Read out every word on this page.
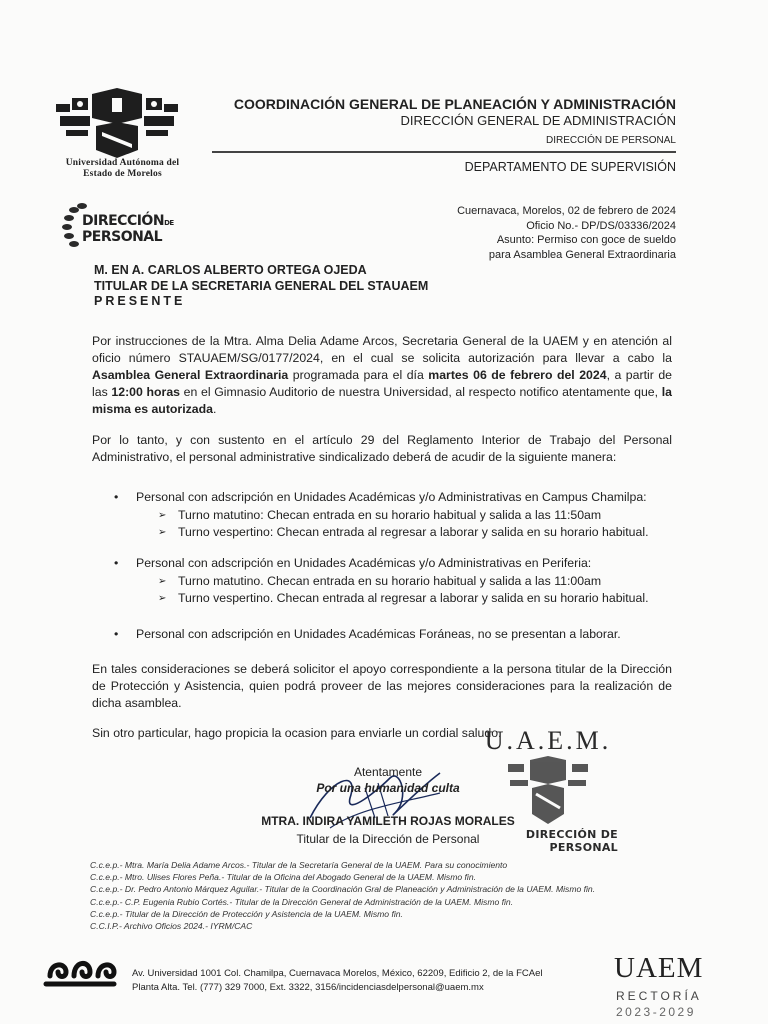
Universidad Autónoma del
Estado de Morelos
COORDINACIÓN GENERAL DE PLANEACIÓN Y ADMINISTRACIÓN
DIRECCIÓN GENERAL DE ADMINISTRACIÓN
DIRECCIÓN DE PERSONAL
DEPARTAMENTO DE SUPERVISIÓN
DIRECCIÓNDE
PERSONAL
Cuernavaca, Morelos, 02 de febrero de 2024
Oficio No.- DP/DS/03336/2024
Asunto: Permiso con goce de sueldo
para Asamblea General Extraordinaria
M. EN A. CARLOS ALBERTO ORTEGA OJEDA
TITULAR DE LA SECRETARIA GENERAL DEL STAUAEM
PRESENTE
Por instrucciones de la Mtra. Alma Delia Adame Arcos, Secretaria General de la UAEM y en atención al oficio número STAUAEM/SG/0177/2024, en el cual se solicita autorización para llevar a cabo la Asamblea General Extraordinaria programada para el día martes 06 de febrero del 2024, a partir de las 12:00 horas en el Gimnasio Auditorio de nuestra Universidad, al respecto notifico atentamente que, la misma es autorizada.
Por lo tanto, y con sustento en el artículo 29 del Reglamento Interior de Trabajo del Personal Administrativo, el personal administrative sindicalizado deberá de acudir de la siguiente manera:
•	Personal con adscripción en Unidades Académicas y/o Administrativas en Campus Chamilpa:
➢ Turno matutino: Checan entrada en su horario habitual y salida a las 11:50am
➢ Turno vespertino: Checan entrada al regresar a laborar y salida en su horario habitual.
•	Personal con adscripción en Unidades Académicas y/o Administrativas en Periferia:
➢ Turno matutino. Checan entrada en su horario habitual y salida a las 11:00am
➢ Turno vespertino. Checan entrada al regresar a laborar y salida en su horario habitual.
•	Personal con adscripción en Unidades Académicas Foráneas, no se presentan a laborar.
En tales consideraciones se deberá solicitor el apoyo correspondiente a la persona titular de la Dirección de Protección y Asistencia, quien podrá proveer de las mejores consideraciones para la realización de dicha asamblea.
Sin otro particular, hago propicia la ocasion para enviarle un cordial saludo.
U.A.E.M.
DIRECCIÓN DE PERSONAL
Atentamente
Por una humanidad culta
MTRA. INDIRA YAMILETH ROJAS MORALES
Titular de la Dirección de Personal
C.c.e.p.- Mtra. María Delia Adame Arcos.- Titular de la Secretaría General de la UAEM. Para su conocimiento
C.c.e.p.- Mtro. Ulises Flores Peña.- Titular de la Oficina del Abogado General de la UAEM. Mismo fin.
C.c.e.p.- Dr. Pedro Antonio Márquez Aguilar.- Titular de la Coordinación Gral de Planeación y Administración de la UAEM. Mismo fin.
C.c.e.p.- C.P. Eugenia Rubio Cortés.- Titular de la Dirección General de Administración de la UAEM. Mismo fin.
C.c.e.p.- Titular de la Dirección de Protección y Asistencia de la UAEM. Mismo fin.
C.C.I.P.- Archivo Oficios 2024.- IYRM/CAC
Av. Universidad 1001 Col. Chamilpa, Cuernavaca Morelos, México, 62209, Edificio 2, de la FCAel
Planta Alta. Tel. (777) 329 7000, Ext. 3322, 3156/incidenciasdelpersonal@uaem.mx
UAEM
RECTORÍA
2023-2029
